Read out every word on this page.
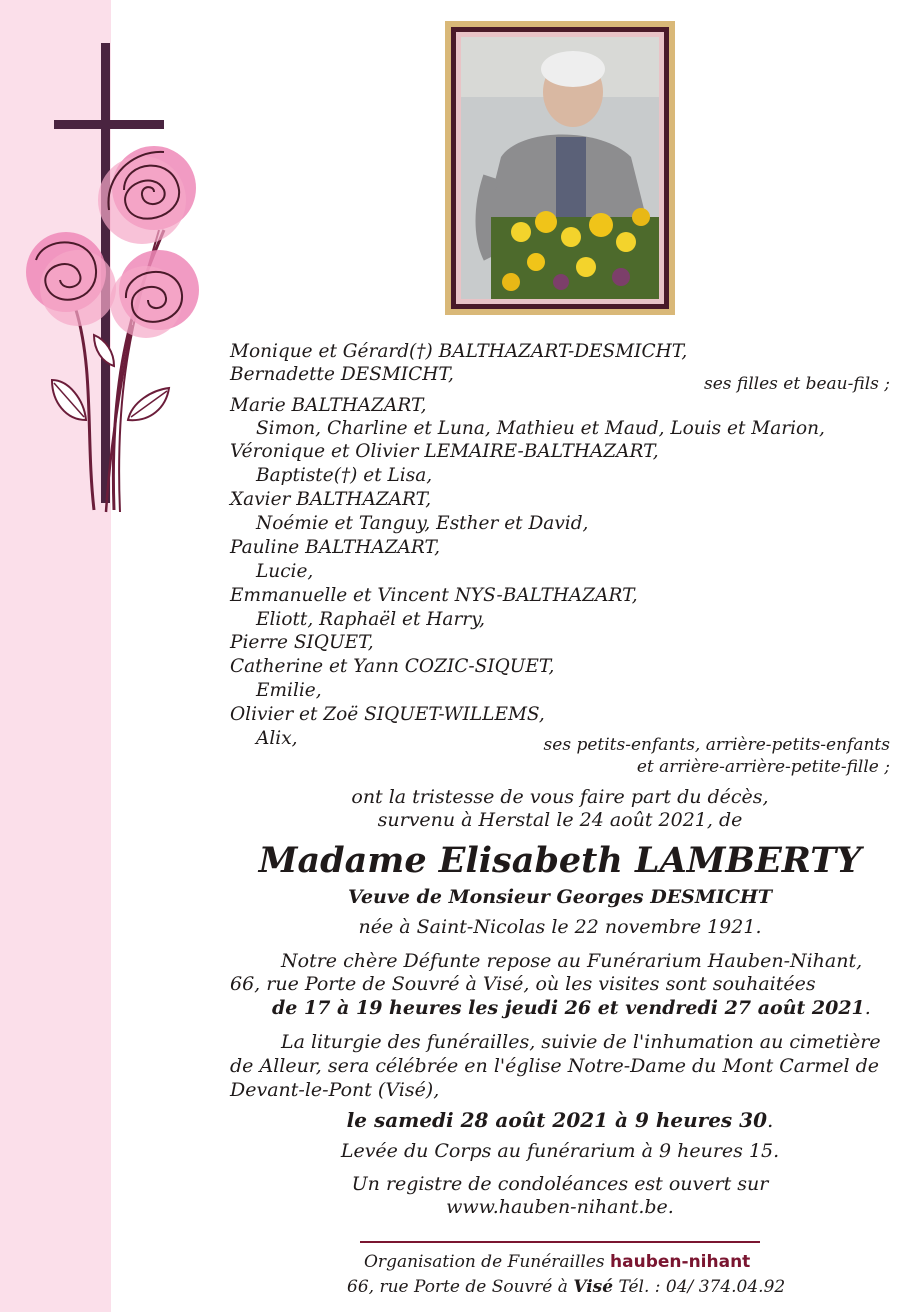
Monique et Gérard(†) BALTHAZART-DESMICHT,
Bernadette DESMICHT,	ses filles et beau-fils ;
Marie BALTHAZART,
Simon, Charline et Luna, Mathieu et Maud, Louis et Marion,
Véronique et Olivier LEMAIRE-BALTHAZART,
Baptiste(†) et Lisa,
Xavier BALTHAZART,
Noémie et Tanguy, Esther et David,
Pauline BALTHAZART,
Lucie,
Emmanuelle et Vincent NYS-BALTHAZART,
Eliott, Raphaël et Harry,
Pierre SIQUET,
Catherine et Yann COZIC-SIQUET,
Emilie,
Olivier et Zoë SIQUET-WILLEMS,
Alix,	ses petits-enfants, arrière-petits-enfants
et arrière-arrière-petite-fille ;
ont la tristesse de vous faire part du décès,
survenu à Herstal le 24 août 2021, de
Madame Elisabeth LAMBERTY
Veuve de Monsieur Georges DESMICHT
née à Saint-Nicolas le 22 novembre 1921.
Notre chère Défunte repose au Funérarium Hauben-Nihant,
66, rue Porte de Souvré à Visé, où les visites sont souhaitées
de 17 à 19 heures les jeudi 26 et vendredi 27 août 2021.
La liturgie des funérailles, suivie de l'inhumation au cimetière
de Alleur, sera célébrée en l'église Notre-Dame du Mont Carmel de
Devant-le-Pont (Visé),
le samedi 28 août 2021 à 9 heures 30.
Levée du Corps au funérarium à 9 heures 15.
Un registre de condoléances est ouvert sur
www.hauben-nihant.be.
Organisation de Funérailles hauben-nihant
66, rue Porte de Souvré à Visé Tél. : 04/ 374.04.92
